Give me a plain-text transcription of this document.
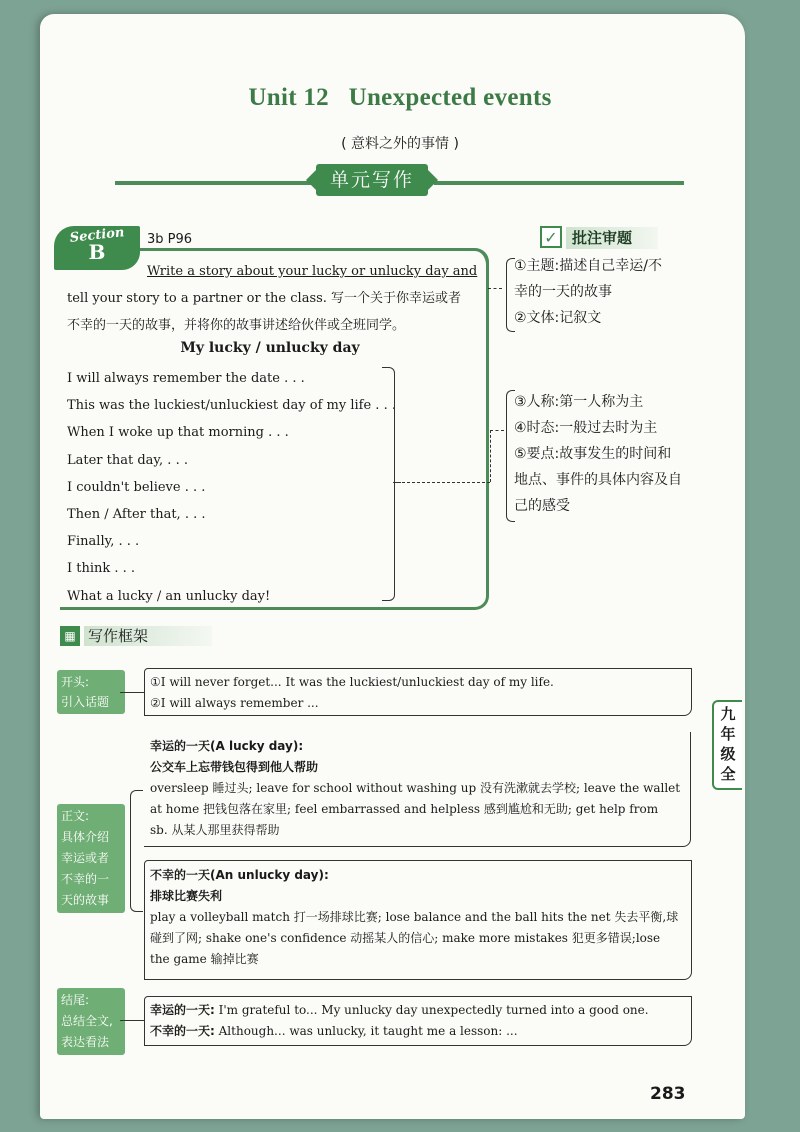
Unit 12   Unexpected events
( 意料之外的事情 )
单元写作
Section
B
3b P96
Write a story about your lucky or unlucky day and
tell your story to a partner or the class. 写一个关于你幸运或者
不幸的一天的故事，并将你的故事讲述给伙伴或全班同学。
My lucky / unlucky day
I will always remember the date . . .
This was the luckiest/unluckiest day of my life . . .
When I woke up that morning . . .
Later that day, . . .
I couldn't believe . . .
Then / After that, . . .
Finally, . . .
I think . . .
What a lucky / an unlucky day!
✓ 批注审题
①主题:描述自己幸运/不
幸的一天的故事
②文体:记叙文
③人称:第一人称为主
④时态:一般过去时为主
⑤要点:故事发生的时间和
地点、事件的具体内容及自
己的感受
▦ 写作框架
开头:
引入话题
①I will never forget... It was the luckiest/unluckiest day of my life.
②I will always remember ...
正文:
具体介绍
幸运或者
不幸的一
天的故事
幸运的一天(A lucky day):
公交车上忘带钱包得到他人帮助
oversleep 睡过头; leave for school without washing up 没有洗漱就去学校; leave the wallet
at home 把钱包落在家里; feel embarrassed and helpless 感到尴尬和无助; get help from
sb. 从某人那里获得帮助
不幸的一天(An unlucky day):
排球比赛失利
play a volleyball match 打一场排球比赛; lose balance and the ball hits the net 失去平衡,球
碰到了网; shake one's confidence 动摇某人的信心; make more mistakes 犯更多错误;lose
the game 输掉比赛
结尾:
总结全文,
表达看法
幸运的一天: I'm grateful to... My unlucky day unexpectedly turned into a good one.
不幸的一天: Although... was unlucky, it taught me a lesson: ...
九
年
级
全
283
